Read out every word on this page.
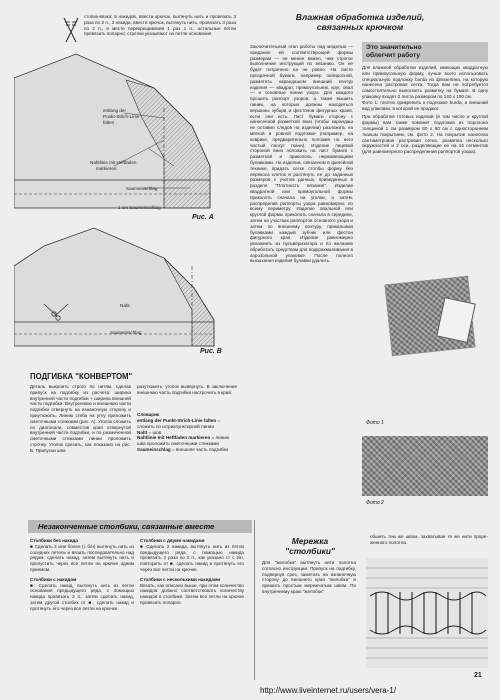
стопик-вязка: 5 накидов, ввести крючок, вытянуть нить и провязать 3 раза по 2 п., 3 накида, ввести крючок, вытянуть нить, провязать 3 раза по 2 п., в месте перекрещивания 1 раз 1 п., остальные петли провязать попарно; стрелки указывают на петли основания
entlang der
Punkt-Strich-Linie
falten
Nahtlinie mit Heftfaden
markieren
Saumeinschlag
1 cm Saumeinschlag
Рис. А
Naht
Saumeinschlag
Рис. В
ПОДГИБКА "КОНВЕРТОМ"
Деталь выкроить строго по нитям, сделав припуск на подгибку из расчета: ширина внутренней части подгибки + ширина внешней части подгибки. Внутреннюю и внешнюю части подгибки отвернуть на изнаночную сторону и приутюжить. Линию сгиба на углу приложить сметочными стежками (рис. А). Уголок сложить по диагонали, совместив края отвернутой внутренней части подгибки, и по размеченной сметочными стежками линии проложить строчку. Уголок срезать, как показано на рис. В. Припуски шва
разутюжить, уголок вывернуть. В заключение внешнюю часть подгибки настрочить в край.
Словарик
entlang der Punkt-Strich-Linie falten = сложить по штрихпунктирной линии
Naht = шов
Nahtlinie mit Heftfaden markieren = линию шва проложить сметочными стежками
Saumeinschlag = внешняя часть подгибки
Влажная обработка изделий,
связанных крючком
Заключительный этап работы над моделью — придание ей соответствующей формы размерам — не менее важен, чем строгое выполнение инструкций по вязанию. Он не будет потрачено на не ровно. На листе прозрачной бумаги, например папиросной, разметить карандашом внешний контур изделия — квадрат, прямоугольник, круг, овал — и основные линии узора. Для каждого прошить раппорт узоров, а также вышить линии, на которых должны находиться вершины зубцов и фестонов фигурных краев, если они есть. Лист бумаги сторону с нанесенной разметкой вниз (чтобы карандаш не оставил следов на изделии) разложить на мягкой и ровной подложке (например, на коврике, предварительно положив на него чистый лоскут ткани). Изделие лицевой стороной вниз положить на лист бумаги с разметкой и прикололь нержавеющими булавками. На изделии, связанном в филейной технике, придать сетке столбы форму без перекоса клеток и растянуть ее до заданных размеров с учетом данных, приведенных в разделе "Плотность вязания". Изделие квадратной или прямоугольной формы приколоть сначала на уголки, а затем, распределив раппорты узора равномерно, по всему периметру. Изделие овальной или круглой формы приколоть сначала в середине, затем на участках раппортов основного узора и затем по внешнему контуру, прикалывая булавками каждый зубчик или фестон фигурного края. Изделие равномерно увлажнить из пульверизатора и по желанию обработать средством для подкрахмаливания в аэрозольной упаковке. После полного высыхания изделия булавки удалить.
Это значительно
облегчит работу
Для влажной обработки изделий, имеющих квадратную или прямоугольную форму, лучше всего использовать специальную подложку burda из флизелина, на которую нанесена растровая сетка. Тогда вам не потребуется самостоятельно выполнять разметку на бумаге. В одну упаковку входят 2 листа размером по 140 x 100 см.
Фото 1: плотно прикрепить к подложке burda, и внешний вид упаковки, в которой ее продают.
При обработке готовых изделий (в том числе и круглой формы) вам также поможет подложка из поролона толщиной 1 см размером 80 x 80 см с односторонним тканым покрытием, см. фото 2. На покрытие нанесена сантиметровая растровая сетка, разметка несколько окружностей и 2 оси, разделяющие ее на 16 сегментов (для равномерного распределения раппортов узора).
Фото 1
Фото 2
Незаконченные столбики, связанные вместе
Столбики без накида
■ Сделать 2 или более (с б/н) вытянуть нить из соседних петель и вязать последовательно над рядом; сделать накид, затем вытянуть нить и пропустить через все петли на крючке одним приемом.
Столбики с накидом
■ Сделать накид, вытянуть нить из петли основания предыдущего ряда, с помощью накида провязать 2 п., затем сделать накид, затем другой столбик от ■, сделать накид и протянуть его через все петли на крючке.
Столбики с двумя накидами
■ Сделать 2 накида, вытянуть нить из петли предыдущего ряда, с помощью накида провязать 2 раза по 2 п., как указано ст с 2/н, повторить от ■, сделать накид и протянуть его через все петли на крючке.
Столбики с несколькими накидами
Вязать, как описано выше, при этом количество накидов должно соответствовать количеству накидов в столбике. Затем все петли на крючке провязать попарно.
Мережка
"столбики"
Для "желобка" вытянуть нити полотна согласно инструкции. Припуск на подгибку, подвернув срез, заметать на изнаночную сторону до внешнего края "желобка" и пришить простым мережчатым швом. По внутреннему краю "желобок"
обшить тем же швом, захватывая те же нити прореженного полотна.
http://www.liveinternet.ru/users/vera-1/
21
